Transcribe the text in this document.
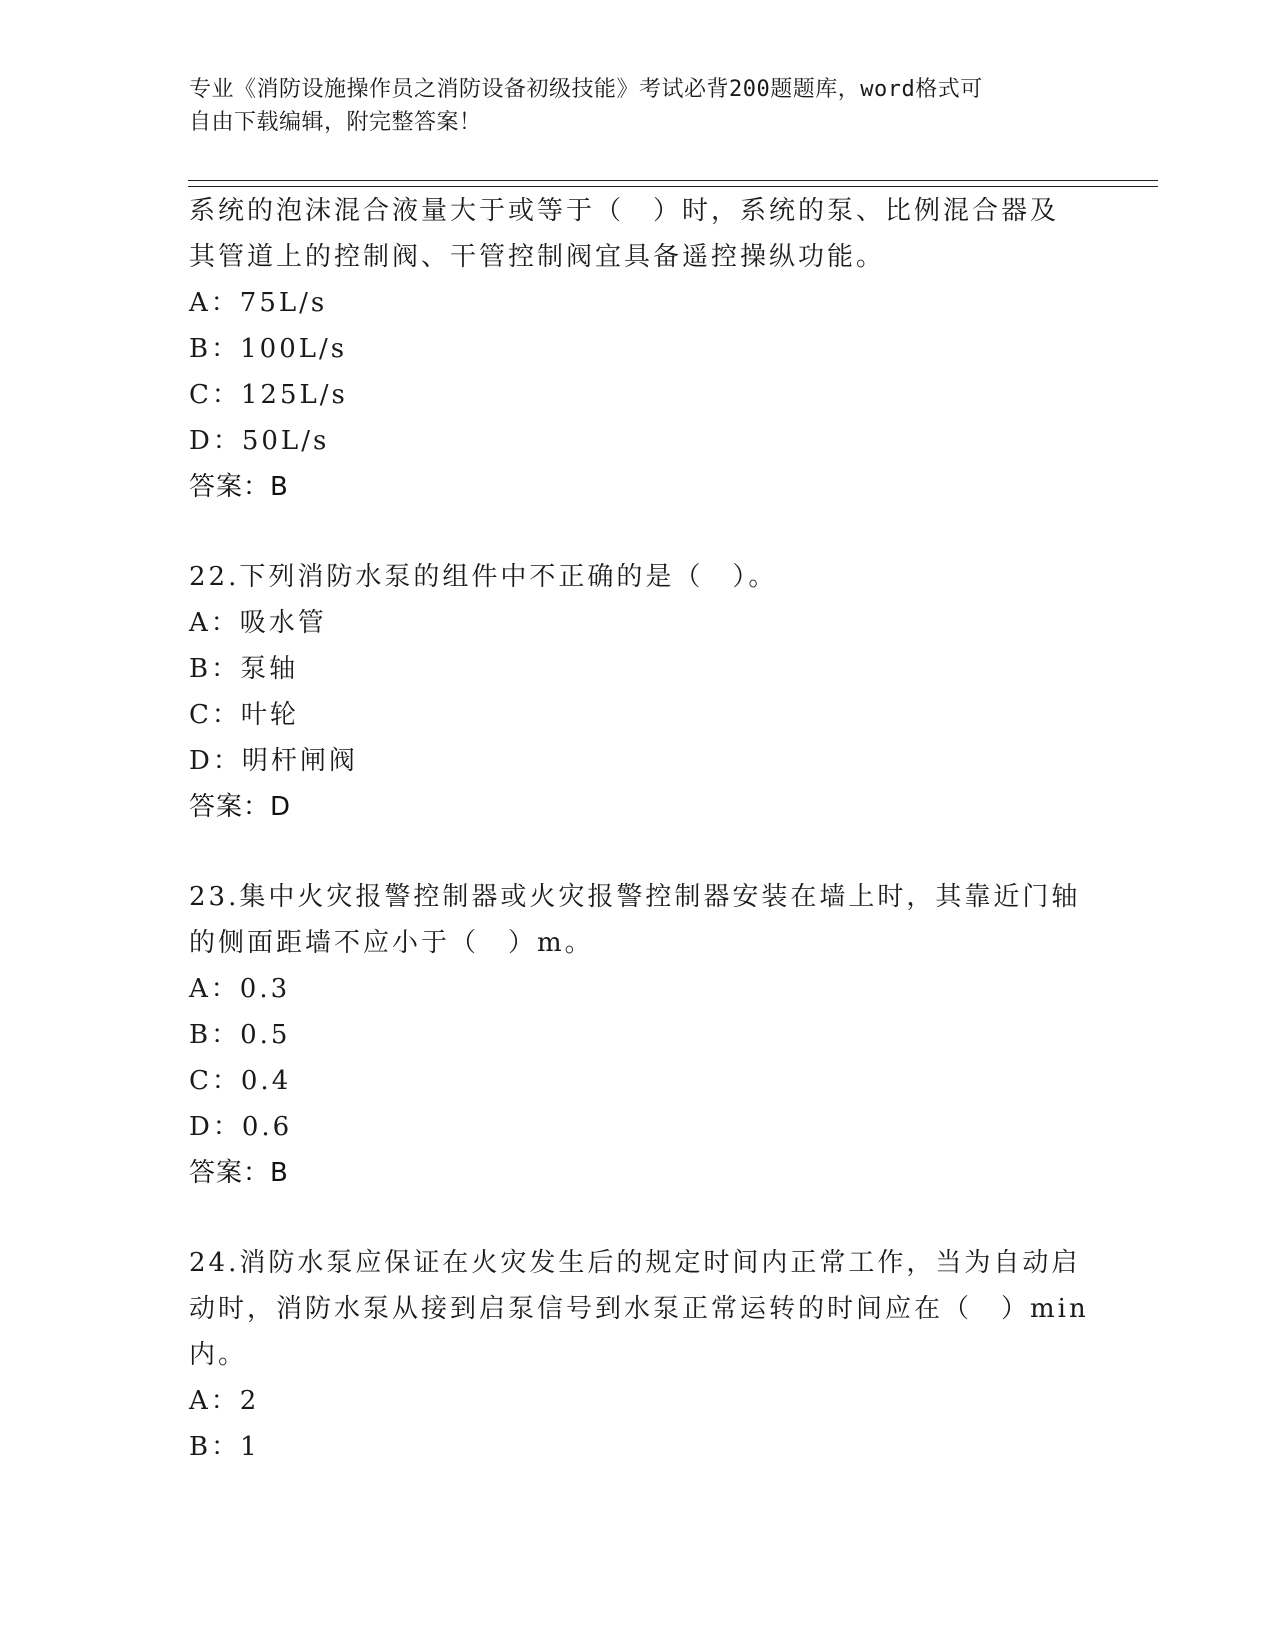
专业《消防设施操作员之消防设备初级技能》考试必背200题题库，word格式可
自由下载编辑，附完整答案！
系统的泡沫混合液量大于或等于（　）时，系统的泵、比例混合器及
其管道上的控制阀、干管控制阀宜具备遥控操纵功能。
A：75L/s
B：100L/s
C：125L/s
D：50L/s
答案：B
22.下列消防水泵的组件中不正确的是（　）。
A：吸水管
B：泵轴
C：叶轮
D：明杆闸阀
答案：D
23.集中火灾报警控制器或火灾报警控制器安装在墙上时，其靠近门轴
的侧面距墙不应小于（　）m。
A：0.3
B：0.5
C：0.4
D：0.6
答案：B
24.消防水泵应保证在火灾发生后的规定时间内正常工作，当为自动启
动时，消防水泵从接到启泵信号到水泵正常运转的时间应在（　）min
内。
A：2
B：1
